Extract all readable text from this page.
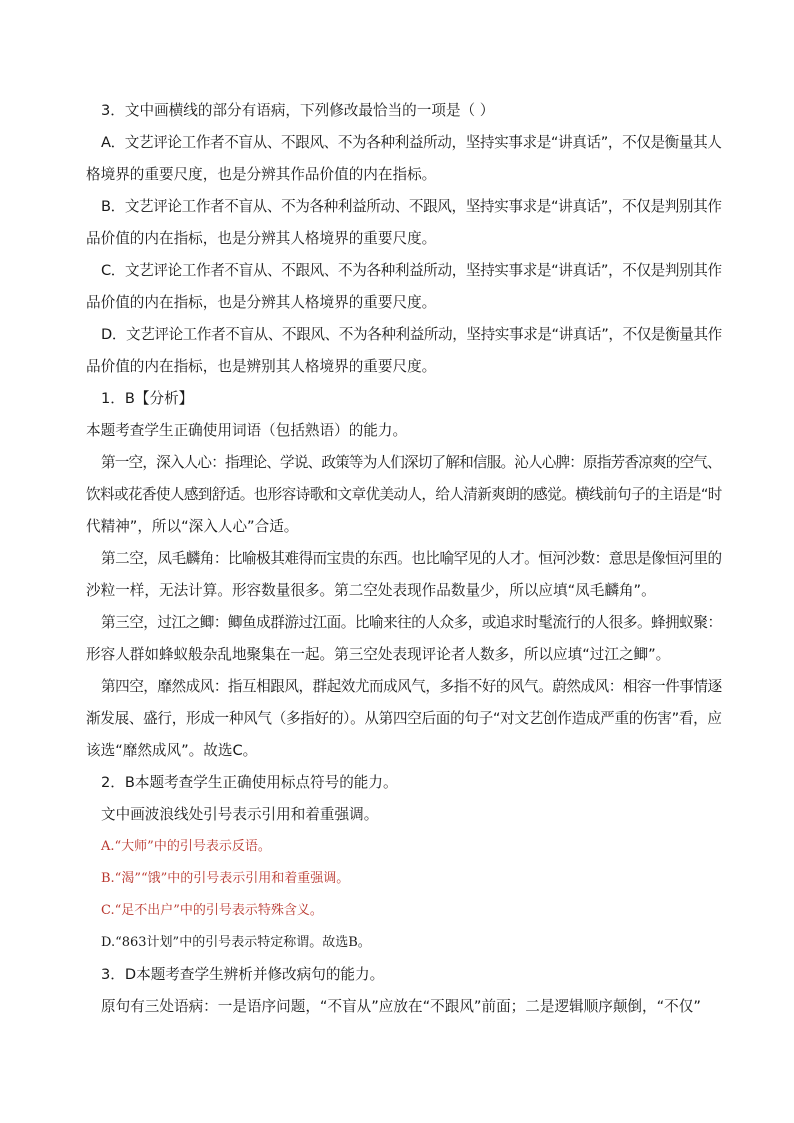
3．文中画横线的部分有语病，下列修改最恰当的一项是（ ）

A．文艺评论工作者不盲从、不跟风、不为各种利益所动，坚持实事求是“讲真话”，不仅是衡量其人

格境界的重要尺度，也是分辨其作品价值的内在指标。

B．文艺评论工作者不盲从、不为各种利益所动、不跟风，坚持实事求是“讲真话”，不仅是判别其作

品价值的内在指标，也是分辨其人格境界的重要尺度。

C．文艺评论工作者不盲从、不跟风、不为各种利益所动，坚持实事求是“讲真话”，不仅是判别其作

品价值的内在指标，也是分辨其人格境界的重要尺度。

D．文艺评论工作者不盲从、不跟风、不为各种利益所动，坚持实事求是“讲真话”，不仅是衡量其作

品价值的内在指标，也是辨别其人格境界的重要尺度。

1．B【分析】

本题考查学生正确使用词语（包括熟语）的能力。

第一空，深入人心：指理论、学说、政策等为人们深切了解和信服。沁人心脾：原指芳香凉爽的空气、

饮料或花香使人感到舒适。也形容诗歌和文章优美动人，给人清新爽朗的感觉。横线前句子的主语是“时

代精神”，所以“深入人心”合适。

第二空，凤毛麟角：比喻极其难得而宝贵的东西。也比喻罕见的人才。恒河沙数：意思是像恒河里的

沙粒一样，无法计算。形容数量很多。第二空处表现作品数量少，所以应填“凤毛麟角”。

第三空，过江之鲫：鲫鱼成群游过江面。比喻来往的人众多，或追求时髦流行的人很多。蜂拥蚁聚：

形容人群如蜂蚁般杂乱地聚集在一起。第三空处表现评论者人数多，所以应填“过江之鲫”。

第四空，靡然成风：指互相跟风，群起效尤而成风气，多指不好的风气。蔚然成风：相容一件事情逐

渐发展、盛行，形成一种风气（多指好的）。从第四空后面的句子“对文艺创作造成严重的伤害”看，应

该选“靡然成风”。故选C。

2．B本题考查学生正确使用标点符号的能力。

文中画波浪线处引号表示引用和着重强调。

A.“大师”中的引号表示反语。

B.“渴”“饿”中的引号表示引用和着重强调。

C.“足不出户”中的引号表示特殊含义。

D.“863计划”中的引号表示特定称谓。故选B。

3．D本题考查学生辨析并修改病句的能力。

原句有三处语病：一是语序问题，“不盲从”应放在“不跟风”前面；二是逻辑顺序颠倒，“不仅”
